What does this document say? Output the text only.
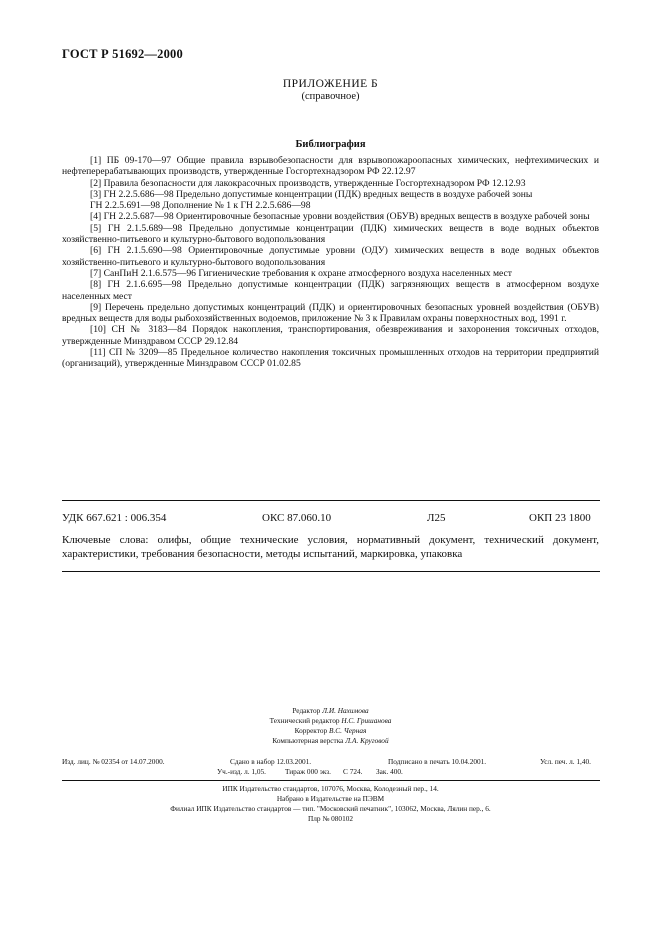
ГОСТ Р 51692—2000
ПРИЛОЖЕНИЕ Б
(справочное)
Библиография

[1] ПБ 09-170—97 Общие правила взрывобезопасности для взрывопожароопасных химических, нефтехимических и нефтеперерабатывающих производств, утвержденные Госгортехнадзором РФ 22.12.97

[2] Правила безопасности для лакокрасочных производств, утвержденные Госгортехнадзором РФ 12.12.93

[3] ГН 2.2.5.686—98 Предельно допустимые концентрации (ПДК) вредных веществ в воздухе рабочей зоны

ГН 2.2.5.691—98 Дополнение № 1 к ГН 2.2.5.686—98

[4] ГН 2.2.5.687—98 Ориентировочные безопасные уровни воздействия (ОБУВ) вредных веществ в воздухе рабочей зоны

[5] ГН 2.1.5.689—98 Предельно допустимые концентрации (ПДК) химических веществ в воде водных объектов хозяйственно-питьевого и культурно-бытового водопользования

[6] ГН 2.1.5.690—98 Ориентировочные допустимые уровни (ОДУ) химических веществ в воде водных объектов хозяйственно-питьевого и культурно-бытового водопользования

[7] СанПиН 2.1.6.575—96 Гигиенические требования к охране атмосферного воздуха населенных мест

[8] ГН 2.1.6.695—98 Предельно допустимые концентрации (ПДК) загрязняющих веществ в атмосферном воздухе населенных мест

[9] Перечень предельно допустимых концентраций (ПДК) и ориентировочных безопасных уровней воздействия (ОБУВ) вредных веществ для воды рыбохозяйственных водоемов, приложение № 3 к Правилам охраны поверхностных вод, 1991 г.

[10] СН № 3183—84 Порядок накопления, транспортирования, обезвреживания и захоронения токсичных отходов, утвержденные Минздравом СССР 29.12.84

[11] СП № 3209—85 Предельное количество накопления токсичных промышленных отходов на территории предприятий (организаций), утвержденные Минздравом СССР 01.02.85

УДК 667.621 : 006.354	ОКС 87.060.10	Л25	ОКП 23 1800
Ключевые слова: олифы, общие технические условия, нормативный документ, технический документ, характеристики, требования безопасности, методы испытаний, маркировка, упаковка
Редактор Л.И. Нахимова
Технический редактор Н.С. Гришанова
Корректор В.С. Черная
Компьютерная верстка Л.А. Круговой
Изд. лиц. № 02354 от 14.07.2000.	Сдано в набор 12.03.2001.	Подписано в печать 10.04.2001.	Усл. печ. л. 1,40.
Уч.-изд. л. 1,05.	Тираж 000 экз. С 724. Зак. 400.
ИПК Издательство стандартов, 107076, Москва, Колодезный пер., 14.
Набрано в Издательстве на ПЭВМ
Филиал ИПК Издательство стандартов — тип. "Московский печатник", 103062, Москва, Лялин пер., 6.
Плр № 080102
